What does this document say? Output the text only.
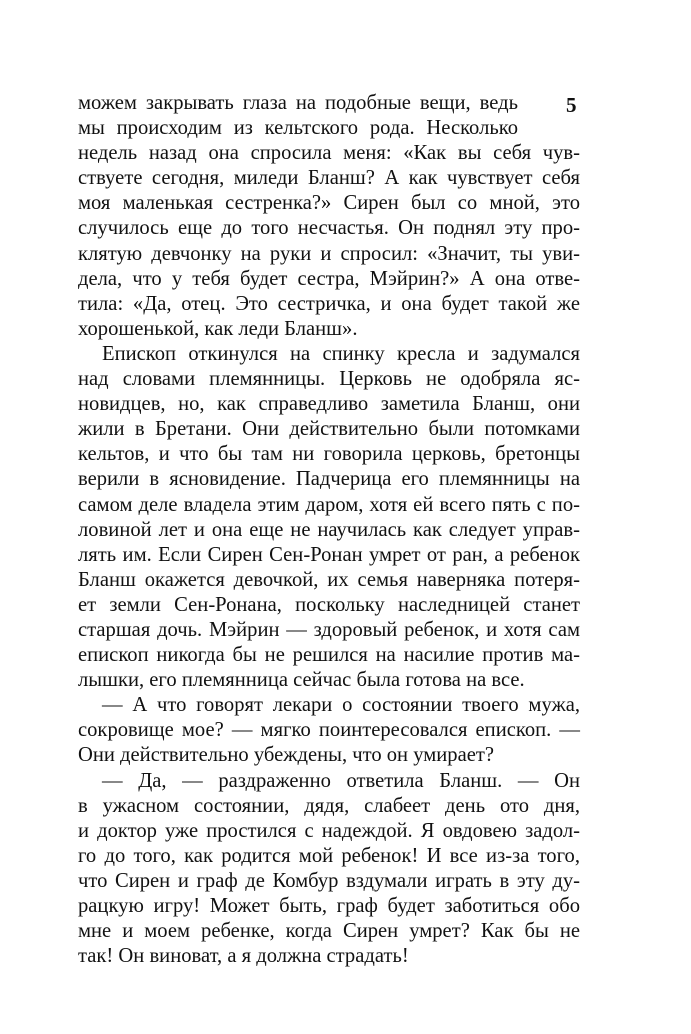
5
можем закрывать глаза на подобные вещи, ведь
мы происходим из кельтского рода. Несколько
недель назад она спросила меня: «Как вы себя чув-
ствуете сегодня, миледи Бланш? А как чувствует себя
моя маленькая сестренка?» Сирен был со мной, это
случилось еще до того несчастья. Он поднял эту про-
клятую девчонку на руки и спросил: «Значит, ты уви-
дела, что у тебя будет сестра, Мэйрин?» А она отве-
тила: «Да, отец. Это сестричка, и она будет такой же
хорошенькой, как леди Бланш».
Епископ откинулся на спинку кресла и задумался
над словами племянницы. Церковь не одобряла яс-
новидцев, но, как справедливо заметила Бланш, они
жили в Бретани. Они действительно были потомками
кельтов, и что бы там ни говорила церковь, бретонцы
верили в ясновидение. Падчерица его племянницы на
самом деле владела этим даром, хотя ей всего пять с по-
ловиной лет и она еще не научилась как следует управ-
лять им. Если Сирен Сен-Ронан умрет от ран, а ребенок
Бланш окажется девочкой, их семья наверняка потеря-
ет земли Сен-Ронана, поскольку наследницей станет
старшая дочь. Мэйрин — здоровый ребенок, и хотя сам
епископ никогда бы не решился на насилие против ма-
лышки, его племянница сейчас была готова на все.
— А что говорят лекари о состоянии твоего мужа,
сокровище мое? — мягко поинтересовался епископ. —
Они действительно убеждены, что он умирает?
— Да, — раздраженно ответила Бланш. — Он
в ужасном состоянии, дядя, слабеет день ото дня,
и доктор уже простился с надеждой. Я овдовею задол-
го до того, как родится мой ребенок! И все из-за того,
что Сирен и граф де Комбур вздумали играть в эту ду-
рацкую игру! Может быть, граф будет заботиться обо
мне и моем ребенке, когда Сирен умрет? Как бы не
так! Он виноват, а я должна страдать!
